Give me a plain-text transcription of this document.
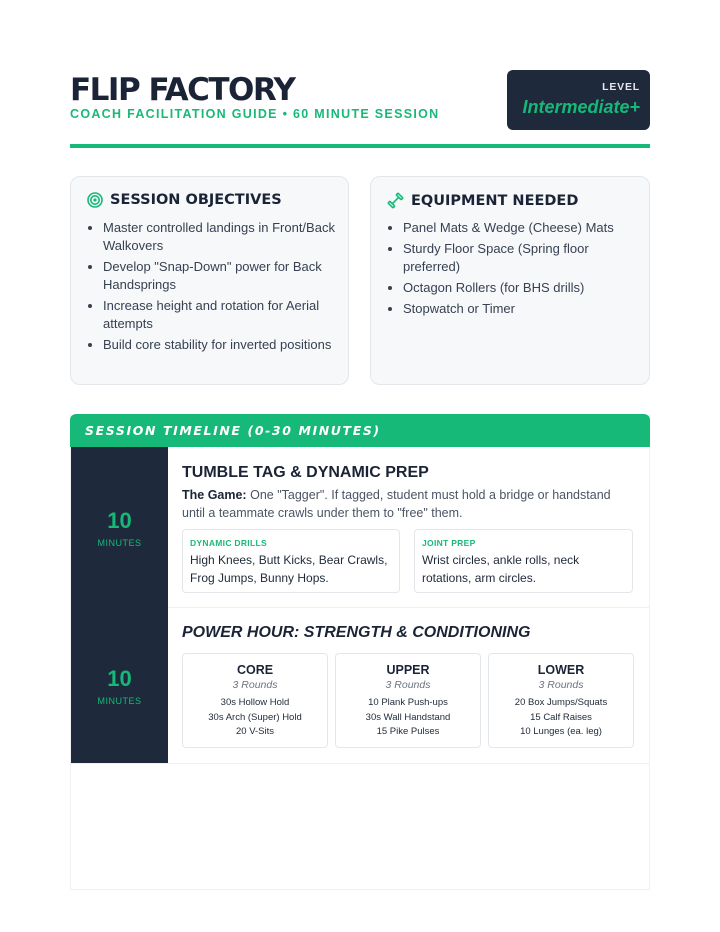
FLIP FACTORY
COACH FACILITATION GUIDE • 60 MINUTE SESSION
LEVEL
Intermediate+
SESSION OBJECTIVES
• Master controlled landings in Front/Back Walkovers
• Develop "Snap-Down" power for Back Handsprings
• Increase height and rotation for Aerial attempts
• Build core stability for inverted positions
EQUIPMENT NEEDED
• Panel Mats & Wedge (Cheese) Mats
• Sturdy Floor Space (Spring floor preferred)
• Octagon Rollers (for BHS drills)
• Stopwatch or Timer
SESSION TIMELINE (0-30 MINUTES)
10
MINUTES
TUMBLE TAG & DYNAMIC PREP
The Game: One "Tagger". If tagged, student must hold a bridge or handstand until a teammate crawls under them to "free" them.
DYNAMIC DRILLS
High Knees, Butt Kicks, Bear Crawls, Frog Jumps, Bunny Hops.
JOINT PREP
Wrist circles, ankle rolls, neck rotations, arm circles.
10
MINUTES
POWER HOUR: STRENGTH & CONDITIONING
CORE
3 Rounds
30s Hollow Hold
30s Arch (Super) Hold
20 V-Sits
UPPER
3 Rounds
10 Plank Push-ups
30s Wall Handstand
15 Pike Pulses
LOWER
3 Rounds
20 Box Jumps/Squats
15 Calf Raises
10 Lunges (ea. leg)
